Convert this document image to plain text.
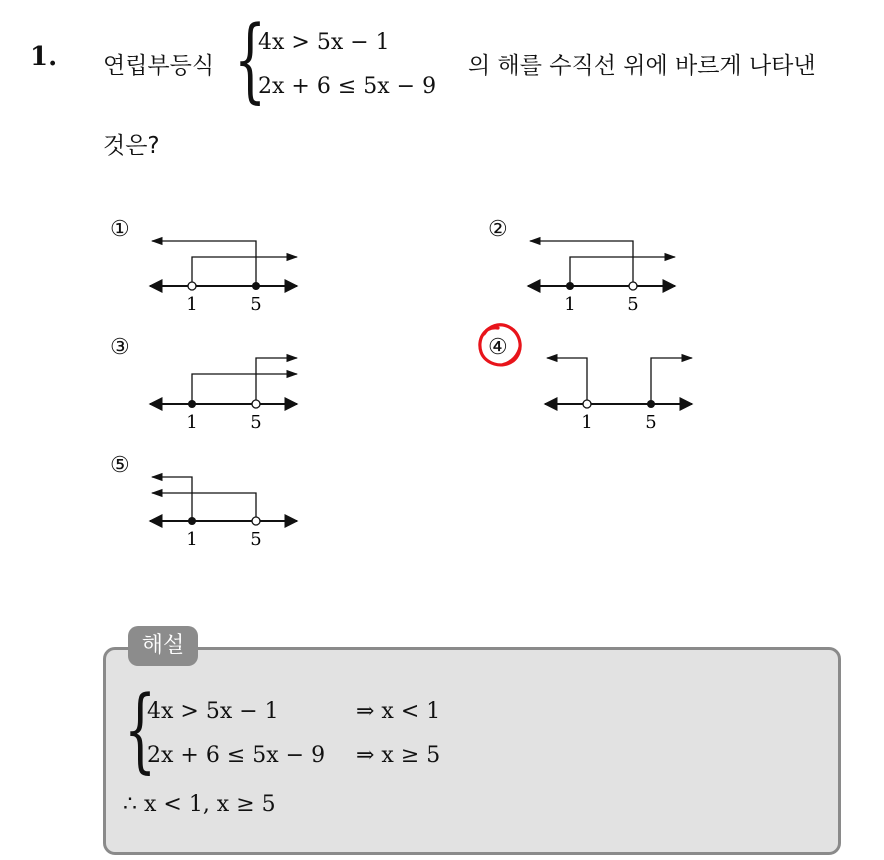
1. 연립부등식 {
4x > 5x − 1
2x + 6 ≤ 5x − 9
의 해를 수직선 위에 바르게 나타낸
것은?
①	②
③	④
⑤
1	5	1	5
1	5	1	5
1	5
해설
{
4x > 5x − 1	⇒ x < 1
2x + 6 ≤ 5x − 9 ⇒ x ≥ 5
∴ x < 1, x ≥ 5
